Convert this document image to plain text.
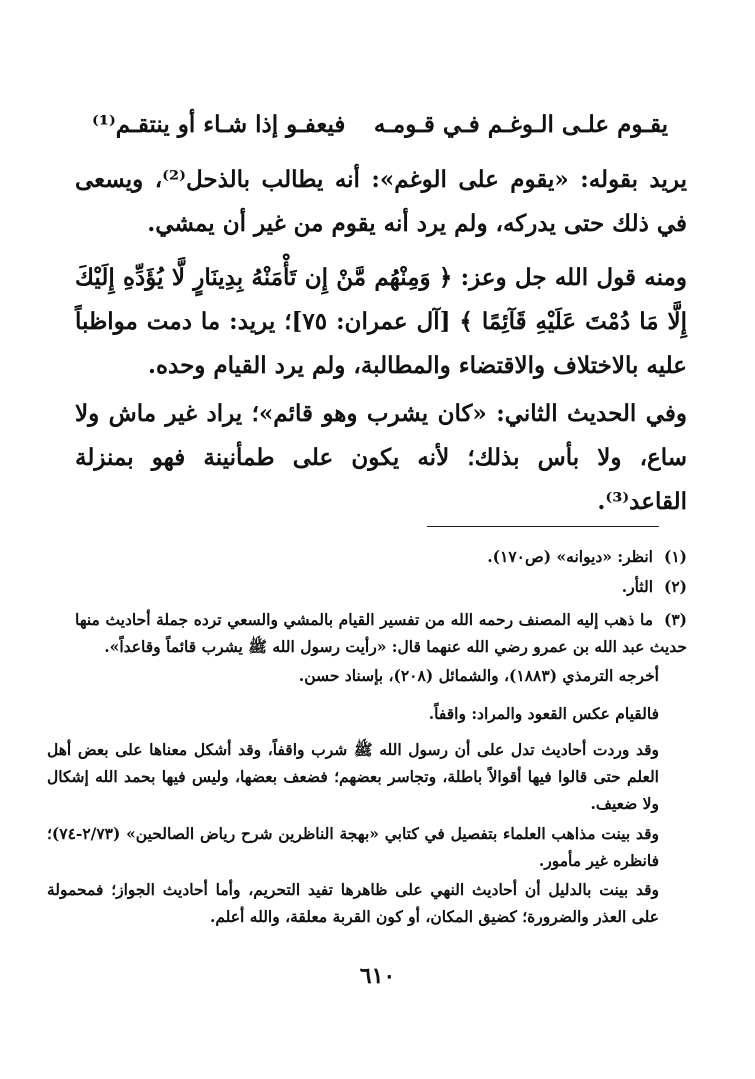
يقـوم علـى الـوغـم فـي قـومـه
فيعفـو إذا شـاء أو ينتقـم⁽¹⁾

يريد بقوله: «يقوم على الوغم»: أنه يطالب بالذحل⁽²⁾، ويسعى في ذلك حتى يدركه، ولم يرد أنه يقوم من غير أن يمشي.

ومنه قول الله جل وعز: ﴿ وَمِنْهُم مَّنْ إِن تَأْمَنْهُ بِدِينَارٍ لَّا يُؤَدِّهِ إِلَيْكَ إِلَّا مَا دُمْتَ عَلَيْهِ قَآئِمًا ﴾ [آل عمران: ٧٥]؛ يريد: ما دمت مواظباً عليه بالاختلاف والاقتضاء والمطالبة، ولم يرد القيام وحده.

وفي الحديث الثاني: «كان يشرب وهو قائم»؛ يراد غير ماش ولا ساع، ولا بأس بذلك؛ لأنه يكون على طمأنينة فهو بمنزلة القاعد⁽³⁾.

(١)انظر: «ديوانه» (ص١٧٠).

(٢)الثأر.

(٣)ما ذهب إليه المصنف رحمه الله من تفسير القيام بالمشي والسعي ترده جملة أحاديث منها حديث عبد الله بن عمرو رضي الله عنهما قال: «رأيت رسول الله ﷺ يشرب قائماً وقاعداً».

أخرجه الترمذي (١٨٨٣)، والشمائل (٢٠٨)، بإسناد حسن.

فالقيام عكس القعود والمراد: واقفاً.

وقد وردت أحاديث تدل على أن رسول الله ﷺ شرب واقفاً، وقد أشكل معناها على بعض أهل العلم حتى قالوا فيها أقوالاً باطلة، وتجاسر بعضهم؛ فضعف بعضها، وليس فيها بحمد الله إشكال ولا ضعيف.

وقد بينت مذاهب العلماء بتفصيل في كتابي «بهجة الناظرين شرح رياض الصالحين» (٢/٧٣-٧٤)؛ فانظره غير مأمور.

وقد بينت بالدليل أن أحاديث النهي على ظاهرها تفيد التحريم، وأما أحاديث الجواز؛ فمحمولة على العذر والضرورة؛ كضيق المكان، أو كون القربة معلقة، والله أعلم.

٦١٠
